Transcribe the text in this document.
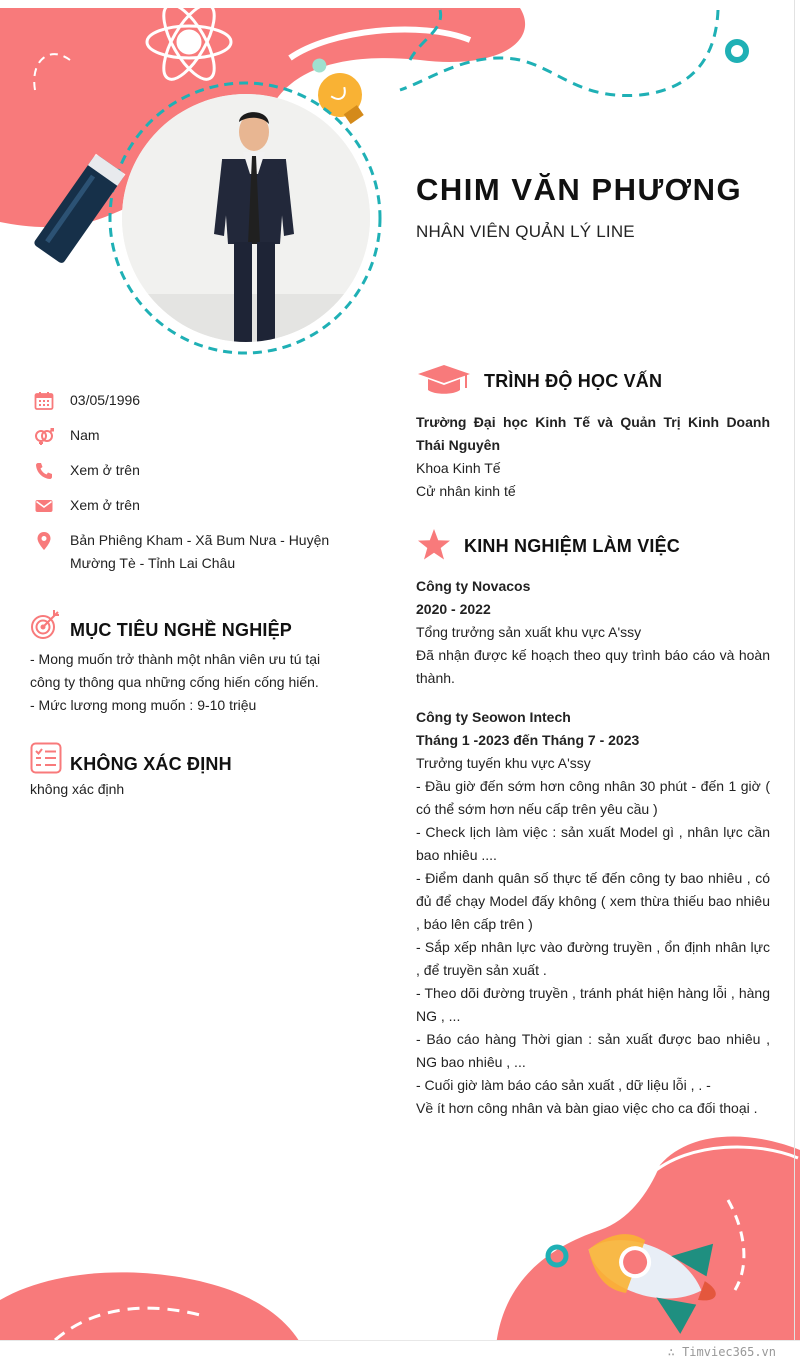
CHIM VĂN PHƯƠNG
NHÂN VIÊN QUẢN LÝ LINE
03/05/1996
Nam
Xem ở trên
Xem ở trên
Bản Phiêng Kham - Xã Bum Nưa - Huyện Mường Tè - Tỉnh Lai Châu
MỤC TIÊU NGHỀ NGHIỆP
- Mong muốn trở thành một nhân viên ưu tú tại công ty thông qua những cống hiến cống hiến.
- Mức lương mong muốn : 9-10 triệu
KHÔNG XÁC ĐỊNH
không xác định
TRÌNH ĐỘ HỌC VẤN
Trường Đại học Kinh Tế và Quản Trị Kinh Doanh Thái Nguyên
Khoa Kinh Tế
Cử nhân kinh tế
KINH NGHIỆM LÀM VIỆC
Công ty Novacos
2020 - 2022
Tổng trưởng sản xuất khu vực A'ssy
Đã nhận được kế hoạch theo quy trình báo cáo và hoàn thành.
Công ty Seowon Intech
Tháng 1 -2023 đến Tháng 7 - 2023
Trưởng tuyến khu vực A'ssy
- Đầu giờ đến sớm hơn công nhân 30 phút - đến 1 giờ ( có thể sớm hơn nếu cấp trên yêu cầu )
- Check lịch làm việc : sản xuất Model gì , nhân lực cần bao nhiêu ....
- Điểm danh quân số thực tế đến công ty bao nhiêu , có đủ để chạy Model đấy không ( xem thừa thiếu bao nhiêu , báo lên cấp trên )
- Sắp xếp nhân lực vào đường truyền , ổn định nhân lực , để truyền sản xuất .
- Theo dõi đường truyền , tránh phát hiện hàng lỗi , hàng NG , ...
- Báo cáo hàng Thời gian : sản xuất được bao nhiêu , NG bao nhiêu , ...
- Cuối giờ làm báo cáo sản xuất , dữ liệu lỗi , . -
Về ít hơn công nhân và bàn giao việc cho ca đối thoại .
∴ Timviec365.vn
